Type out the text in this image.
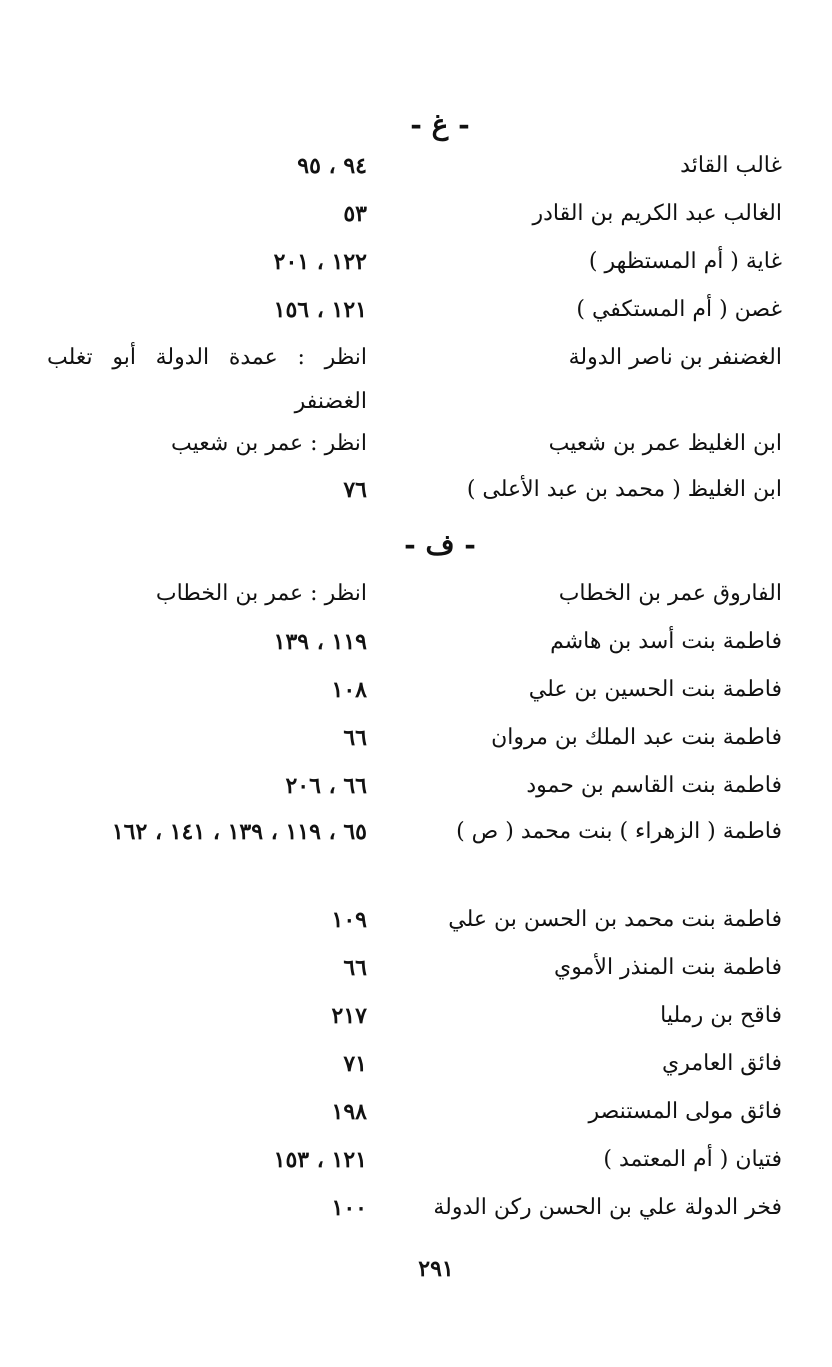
- غ -
غالب القائد
٩٤ ، ٩٥
الغالب عبد الكريم بن القادر
٥٣
غاية ( أم المستظهر )
١٢٢ ، ٢٠١
غصن ( أم المستكفي )
١٢١ ، ١٥٦
الغضنفر بن ناصر الدولة
انظر : عمدة الدولة أبو تغلب الغضنفر
ابن الغليظ عمر بن شعيب
انظر : عمر بن شعيب
ابن الغليظ ( محمد بن عبد الأعلى )
٧٦
- ف -
الفاروق عمر بن الخطاب
انظر : عمر بن الخطاب
فاطمة بنت أسد بن هاشم
١١٩ ، ١٣٩
فاطمة بنت الحسين بن علي
١٠٨
فاطمة بنت عبد الملك بن مروان
٦٦
فاطمة بنت القاسم بن حمود
٦٦ ، ٢٠٦
فاطمة ( الزهراء ) بنت محمد ( ص )
٦٥ ، ١١٩ ، ١٣٩ ، ١٤١ ، ١٦٢
فاطمة بنت محمد بن الحسن بن علي
١٠٩
فاطمة بنت المنذر الأموي
٦٦
فاقح بن رمليا
٢١٧
فائق العامري
٧١
فائق مولى المستنصر
١٩٨
فتيان ( أم المعتمد )
١٢١ ، ١٥٣
فخر الدولة علي بن الحسن ركن الدولة
١٠٠
٢٩١
